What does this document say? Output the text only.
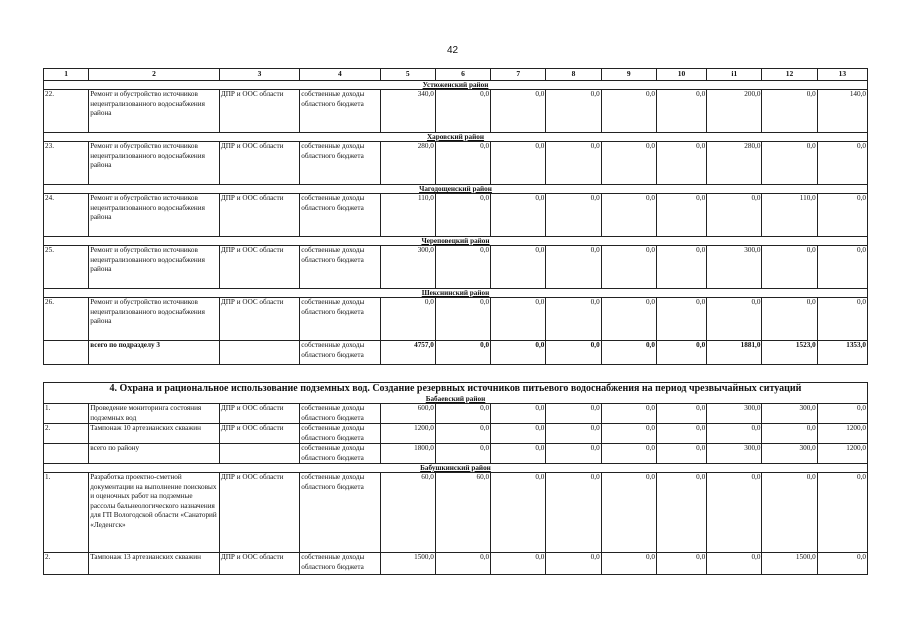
42
1	2	3	4	5	6	7	8	9	10	i1	12	13
Устюженский район												
22.	Ремонт и обустройство источников нецентрализованного водоснабжения района	ДПР и ООС области	собственные доходы областного бюджета	340,0	0,0	0,0	0,0	0,0	0,0	200,0	0,0	140,0
Харовский район												
23.	Ремонт и обустройство источников нецентрализованного водоснабжения района	ДПР и ООС области	собственные доходы областного бюджета	280,0	0,0	0,0	0,0	0,0	0,0	280,0	0,0	0,0
Чагодощенский район												
24.	Ремонт и обустройство источников нецентрализованного водоснабжения района	ДПР и ООС области	собственные доходы областного бюджета	110,0	0,0	0,0	0,0	0,0	0,0	0,0	110,0	0,0
Череповецкий район												
25.	Ремонт и обустройство источников нецентрализованного водоснабжения района	ДПР и ООС области	собственные доходы областного бюджета	300,0	0,0	0,0	0,0	0,0	0,0	300,0	0,0	0,0
Шекснинский район												
26.	Ремонт и обустройство источников нецентрализованного водоснабжения района	ДПР и ООС области	собственные доходы областного бюджета	0,0	0,0	0,0	0,0	0,0	0,0	0,0	0,0	0,0
	всего по подразделу 3		собственные доходы областного бюджета	4757,0	0,0	0,0	0,0	0,0	0,0	1881,0	1523,0	1353,0
4. Охрана и рациональное использование подземных вод. Создание резервных источников питьевого водоснабжения на период чрезвычайных ситуаций												
Бабаевский район												
1.	Проведение мониторинга состояния подземных вод	ДПР и ООС области	собственные доходы областного бюджета	600,0	0,0	0,0	0,0	0,0	0,0	300,0	300,0	0,0
2.	Тампонаж 10 артезианских скважин	ДПР и ООС области	собственные доходы областного бюджета	1200,0	0,0	0,0	0,0	0,0	0,0	0,0	0,0	1200,0
	всего по району		собственные доходы областного бюджета	1800,0	0,0	0,0	0,0	0,0	0,0	300,0	300,0	1200,0
Бабушкинский район												
1.	Разработка проектно-сметной документации на выполнение поисковых и оценочных работ на подземные рассолы бальнеологического назначения для ГП Вологодской области «Санаторий «Леденгск»	ДПР и ООС области	собственные доходы областного бюджета	60,0	60,0	0,0	0,0	0,0	0,0	0,0	0,0	0,0
2.	Тампонаж 13 артезианских скважин	ДПР и ООС области	собственные доходы областного бюджета	1500,0	0,0	0,0	0,0	0,0	0,0	0,0	1500,0	0,0
